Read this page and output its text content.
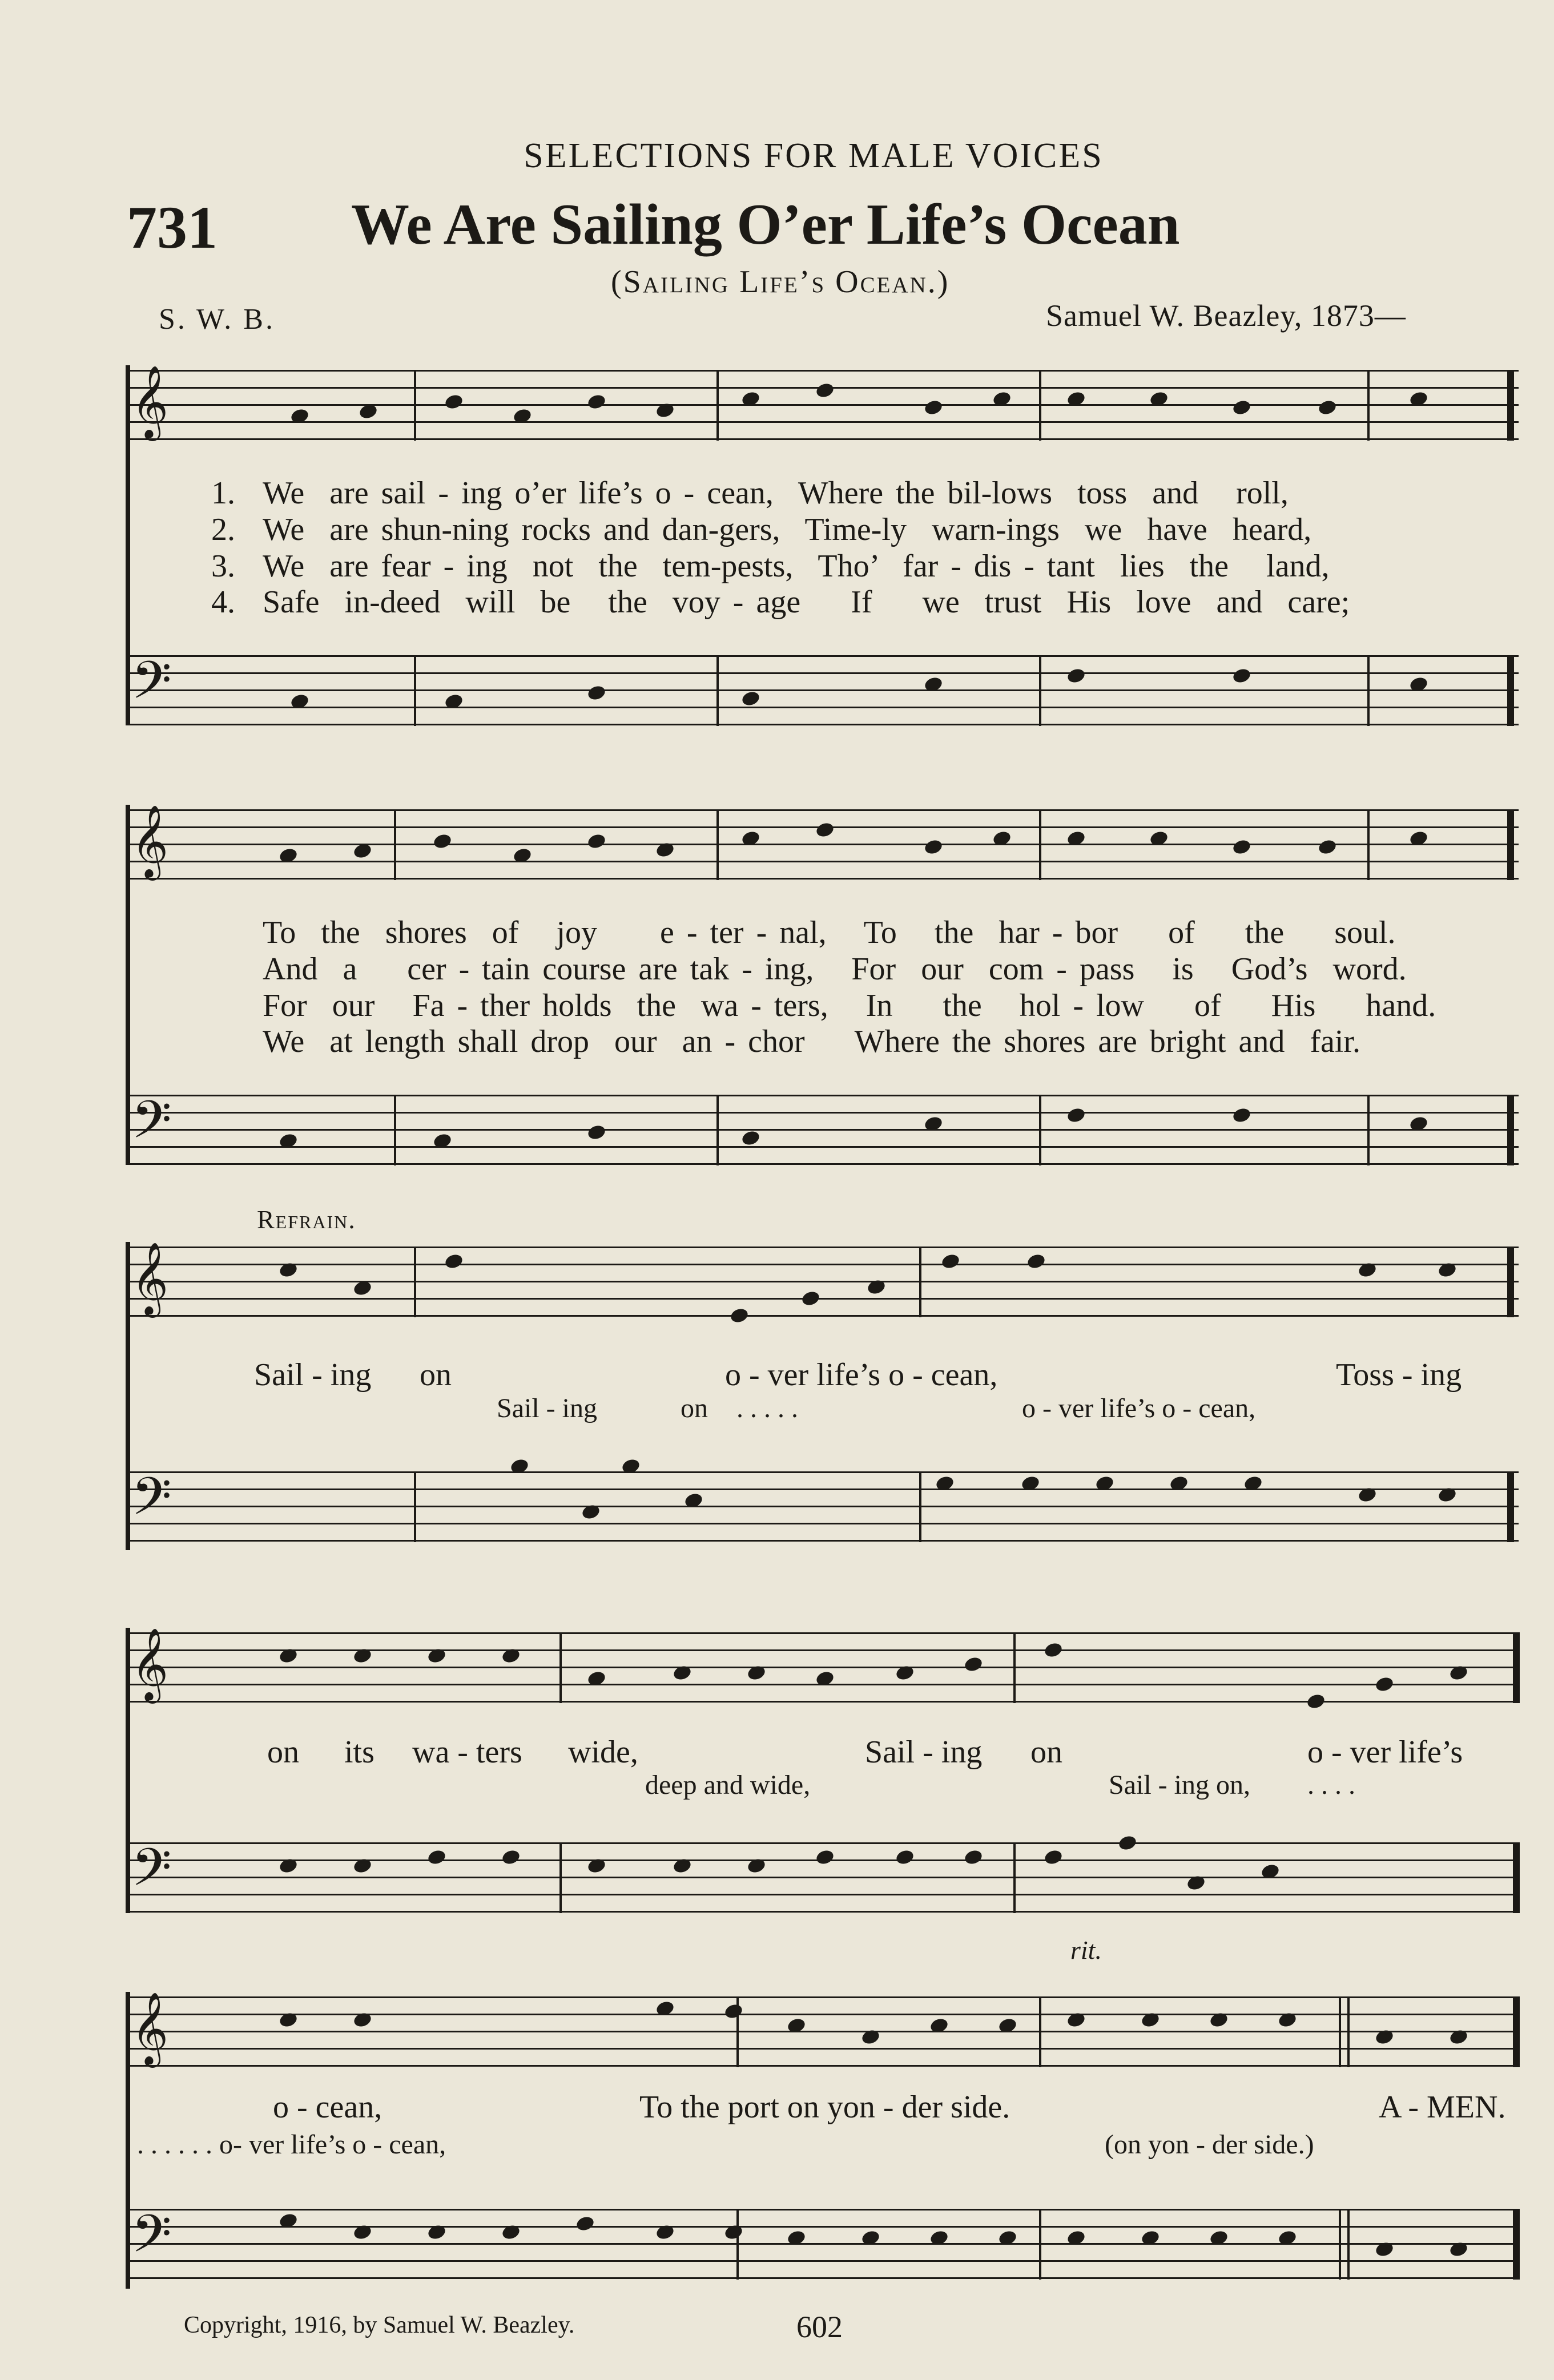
SELECTIONS FOR MALE VOICES
731 We Are Sailing O’er Life’s Ocean
(Sailing Life’s Ocean.)
S. W. B.	Samuel W. Beazley, 1873—
𝄞
1. We  are sail - ing o’er life’s o - cean,  Where the bil-lows  toss  and   roll,
2. We  are shun-ning rocks and dan-gers,  Time-ly  warn-ings  we  have  heard,
3. We  are fear - ing  not  the  tem-pests,  Tho’  far - dis - tant  lies  the   land,
4. Safe  in-deed  will  be   the  voy - age    If    we  trust  His  love  and  care;
𝄢
𝄞
To  the  shores  of   joy     e - ter - nal,   To   the  har - bor    of    the    soul.
And  a    cer - tain course are tak - ing,   For  our  com - pass   is   God’s  word.
For  our   Fa - ther holds  the  wa - ters,   In    the   hol - low    of    His    hand.
We  at length shall drop  our  an - chor    Where the shores are bright and  fair.
𝄢
Refrain.
𝄞
Sail - ing on	o - ver life’s o - cean,	Toss - ing
Sail - ing	on . . . . .	o - ver life’s o - cean,
𝄢
𝄞
on its wa - ters wide,	Sail - ing on	o - ver life’s
deep and wide,	Sail - ing on, . . . .
𝄢
rit.
𝄞
o - cean,	To the port on yon - der side.	A - MEN.
. . . . . . o- ver life’s o - cean,	(on yon - der side.)
𝄢
Copyright, 1916, by Samuel W. Beazley.	602
